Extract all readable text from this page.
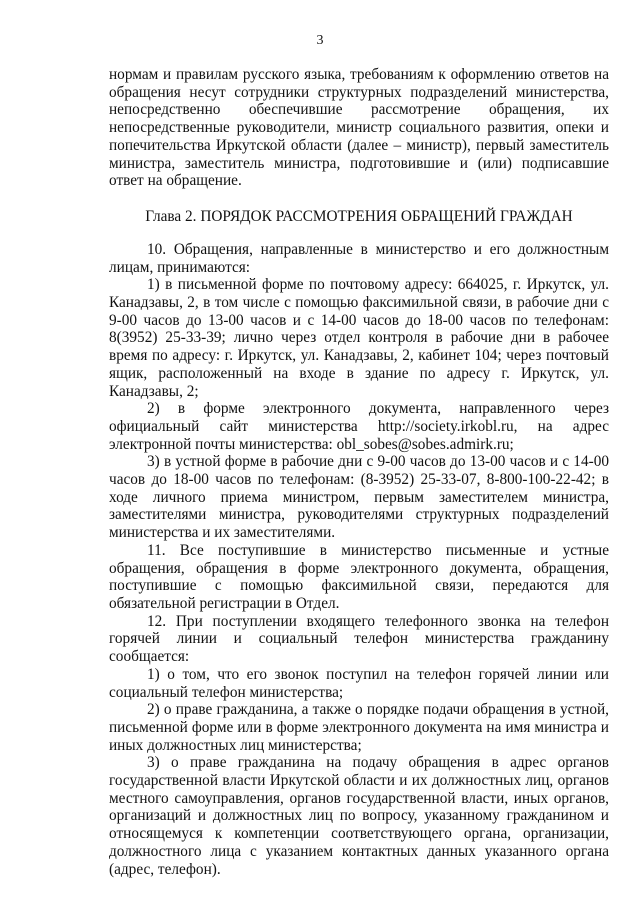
3

нормам и правилам русского языка, требованиям к оформлению ответов на обращения несут сотрудники структурных подразделений министерства, непосредственно обеспечившие рассмотрение обращения, их непосредственные руководители, министр социального развития, опеки и попечительства Иркутской области (далее – министр), первый заместитель министра, заместитель министра, подготовившие и (или) подписавшие ответ на обращение.

Глава 2. ПОРЯДОК РАССМОТРЕНИЯ ОБРАЩЕНИЙ ГРАЖДАН

10. Обращения, направленные в министерство и его должностным лицам, принимаются:

1) в письменной форме по почтовому адресу: 664025, г. Иркутск, ул. Канадзавы, 2, в том числе с помощью факсимильной связи, в рабочие дни с 9-00 часов до 13-00 часов и с 14-00 часов до 18-00 часов по телефонам: 8(3952) 25-33-39; лично через отдел контроля в рабочие дни в рабочее время по адресу: г. Иркутск, ул. Канадзавы, 2, кабинет 104; через почтовый ящик, расположенный на входе в здание по адресу г. Иркутск, ул. Канадзавы, 2;

2) в форме электронного документа, направленного через официальный сайт министерства http://society.irkobl.ru, на адрес электронной почты министерства: obl_sobes@sobes.admirk.ru;

3) в устной форме в рабочие дни с 9-00 часов до 13-00 часов и с 14-00 часов до 18-00 часов по телефонам: (8-3952) 25-33-07, 8-800-100-22-42; в ходе личного приема министром, первым заместителем министра, заместителями министра, руководителями структурных подразделений министерства и их заместителями.

11. Все поступившие в министерство письменные и устные обращения, обращения в форме электронного документа, обращения, поступившие с помощью факсимильной связи, передаются для обязательной регистрации в Отдел.

12. При поступлении входящего телефонного звонка на телефон горячей линии и социальный телефон министерства гражданину сообщается:

1) о том, что его звонок поступил на телефон горячей линии или социальный телефон министерства;

2) о праве гражданина, а также о порядке подачи обращения в устной, письменной форме или в форме электронного документа на имя министра и иных должностных лиц министерства;

3) о праве гражданина на подачу обращения в адрес органов государственной власти Иркутской области и их должностных лиц, органов местного самоуправления, органов государственной власти, иных органов, организаций и должностных лиц по вопросу, указанному гражданином и относящемуся к компетенции соответствующего органа, организации, должностного лица с указанием контактных данных указанного органа (адрес, телефон).
